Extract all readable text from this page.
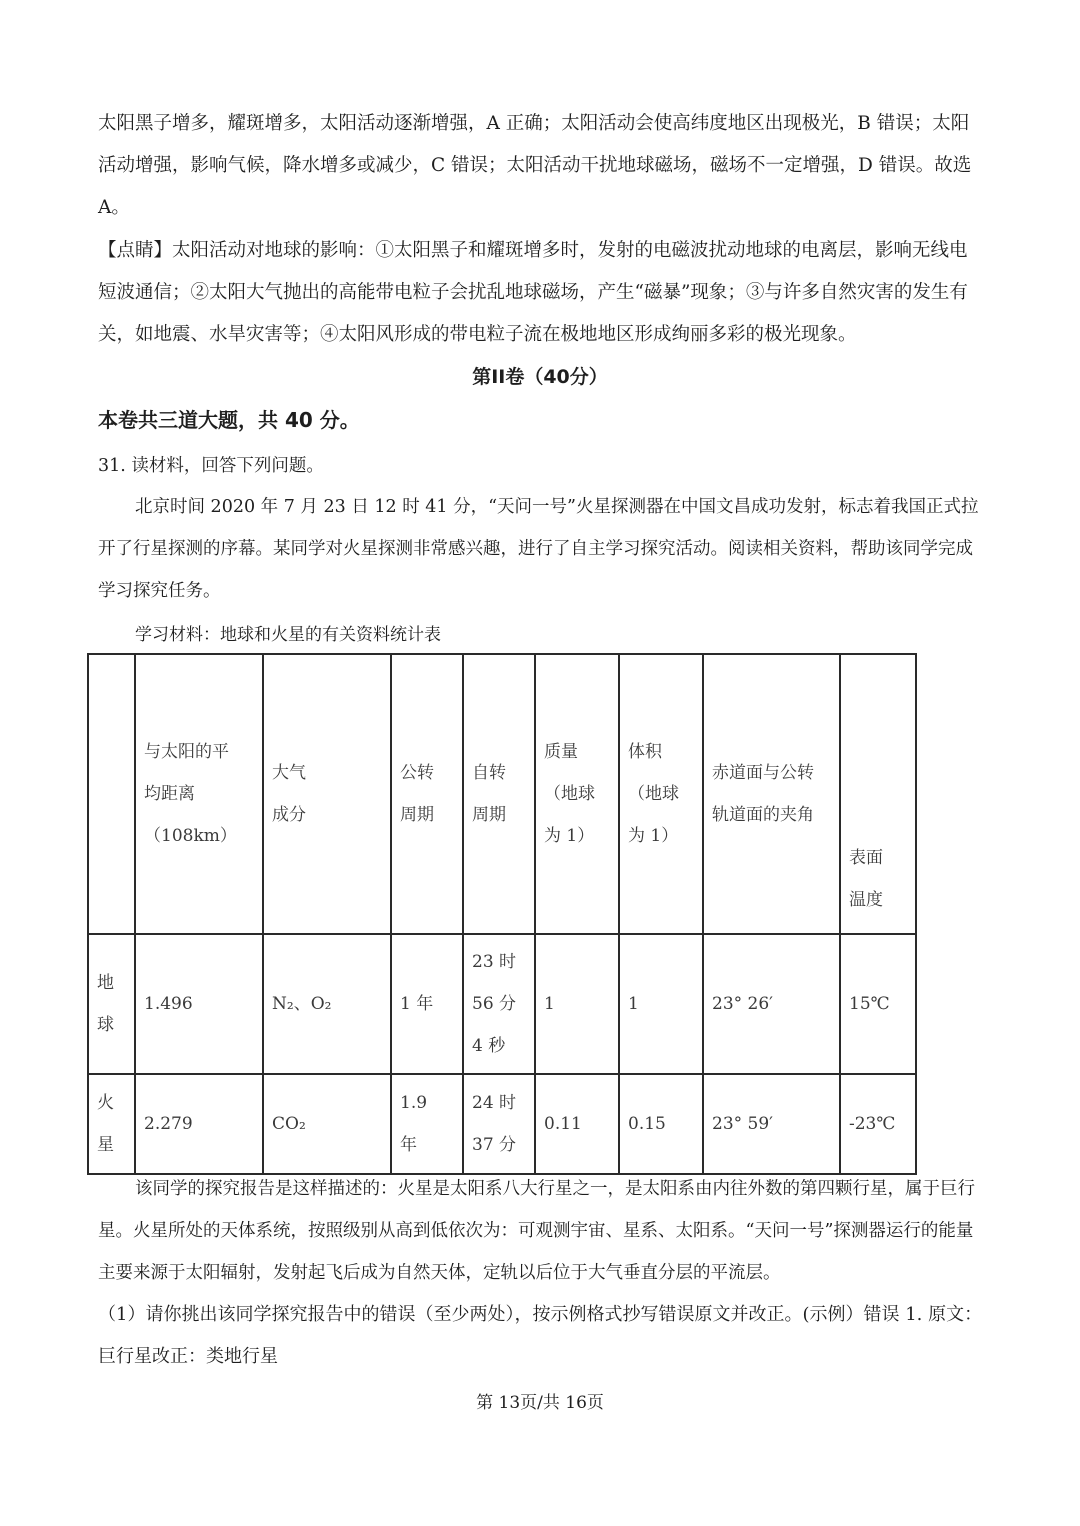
太阳黑子增多，耀斑增多，太阳活动逐渐增强，A 正确；太阳活动会使高纬度地区出现极光，B 错误；太阳活动增强，影响气候，降水增多或减少，C 错误；太阳活动干扰地球磁场，磁场不一定增强，D 错误。故选 A。

【点睛】太阳活动对地球的影响：①太阳黑子和耀斑增多时，发射的电磁波扰动地球的电离层，影响无线电短波通信；②太阳大气抛出的高能带电粒子会扰乱地球磁场，产生“磁暴”现象；③与许多自然灾害的发生有关，如地震、水旱灾害等；④太阳风形成的带电粒子流在极地地区形成绚丽多彩的极光现象。

第II卷（40分）
本卷共三道大题，共 40 分。
31. 读材料，回答下列问题。

北京时间 2020 年 7 月 23 日 12 时 41 分，“天问一号”火星探测器在中国文昌成功发射，标志着我国正式拉开了行星探测的序幕。某同学对火星探测非常感兴趣，进行了自主学习探究活动。阅读相关资料，帮助该同学完成学习探究任务。

学习材料：地球和火星的有关资料统计表

	与太阳的平
均距离
（108km）	大气
成分	公转
周期	自转
周期	质量
（地球
为 1）	体积
（地球
为 1）	赤道面与公转
轨道面的夹角	表面
温度

地
球	1.496	N₂、O₂	1 年	23 时
56 分
4 秒	1	1	23° 26′	15℃

火
星	2.279	CO₂	1.9
年	24 时
37 分	0.11	0.15	23° 59′	-23℃

该同学的探究报告是这样描述的：火星是太阳系八大行星之一，是太阳系由内往外数的第四颗行星，属于巨行星。火星所处的天体系统，按照级别从高到低依次为：可观测宇宙、星系、太阳系。“天问一号”探测器运行的能量主要来源于太阳辐射，发射起飞后成为自然天体，定轨以后位于大气垂直分层的平流层。

（1）请你挑出该同学探究报告中的错误（至少两处），按示例格式抄写错误原文并改正。(示例）错误 1. 原文：巨行星改正：类地行星

第 13页/共 16页
